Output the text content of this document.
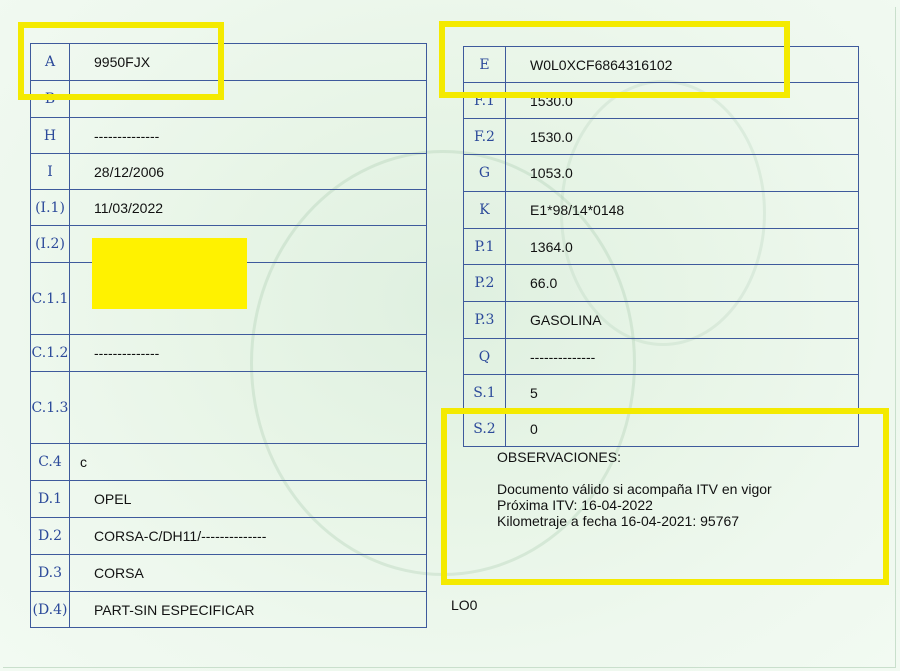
A	9950FJX
B	
H	--------------
I	28/12/2006
(I.1)	11/03/2022
(I.2)	
C.1.1	
C.1.2	--------------
C.1.3	
C.4	c
D.1	OPEL
D.2	CORSA-C/DH11/--------------
D.3	CORSA
(D.4)	PART-SIN ESPECIFICAR
E	W0L0XCF6864316102
F.1	1530.0
F.2	1530.0
G	1053.0
K	E1*98/14*0148
P.1	1364.0
P.2	66.0
P.3	GASOLINA
Q	--------------
S.1	5
S.2	0
OBSERVACIONES:
Documento válido si acompaña ITV en vigor
Próxima ITV: 16-04-2022
Kilometraje a fecha 16-04-2021: 95767
LO0
